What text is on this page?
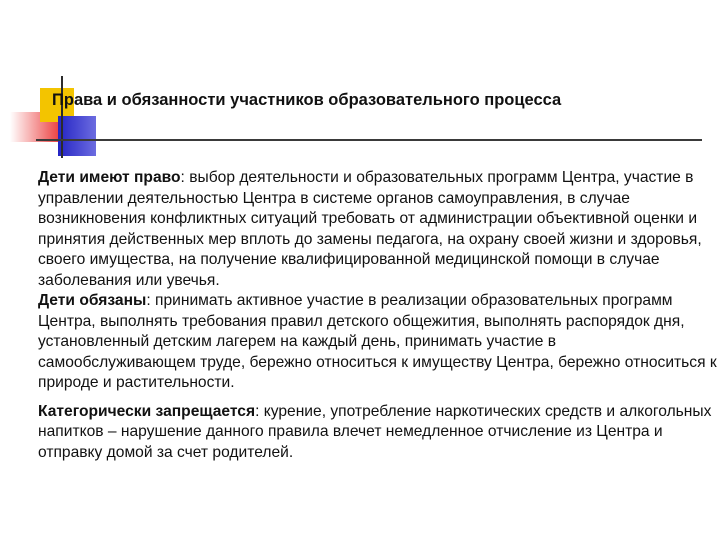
Права и обязанности участников образовательного процесса

Дети имеют право: выбор деятельности и образовательных программ Центра, участие в управлении деятельностью Центра в системе органов самоуправления, в случае возникновения конфликтных ситуаций требовать от администрации объективной оценки и принятия действенных мер вплоть до замены педагога, на охрану своей жизни и здоровья, своего имущества, на получение квалифицированной медицинской помощи в случае заболевания или увечья.

Дети обязаны: принимать активное участие в реализации образовательных программ Центра, выполнять требования правил детского общежития, выполнять распорядок дня, установленный детским лагерем на каждый день, принимать участие в самообслуживающем труде, бережно относиться к имуществу Центра, бережно относиться к природе и растительности.

Категорически запрещается: курение, употребление наркотических средств и алкогольных напитков – нарушение данного правила влечет немедленное отчисление из Центра и отправку домой за счет родителей.
